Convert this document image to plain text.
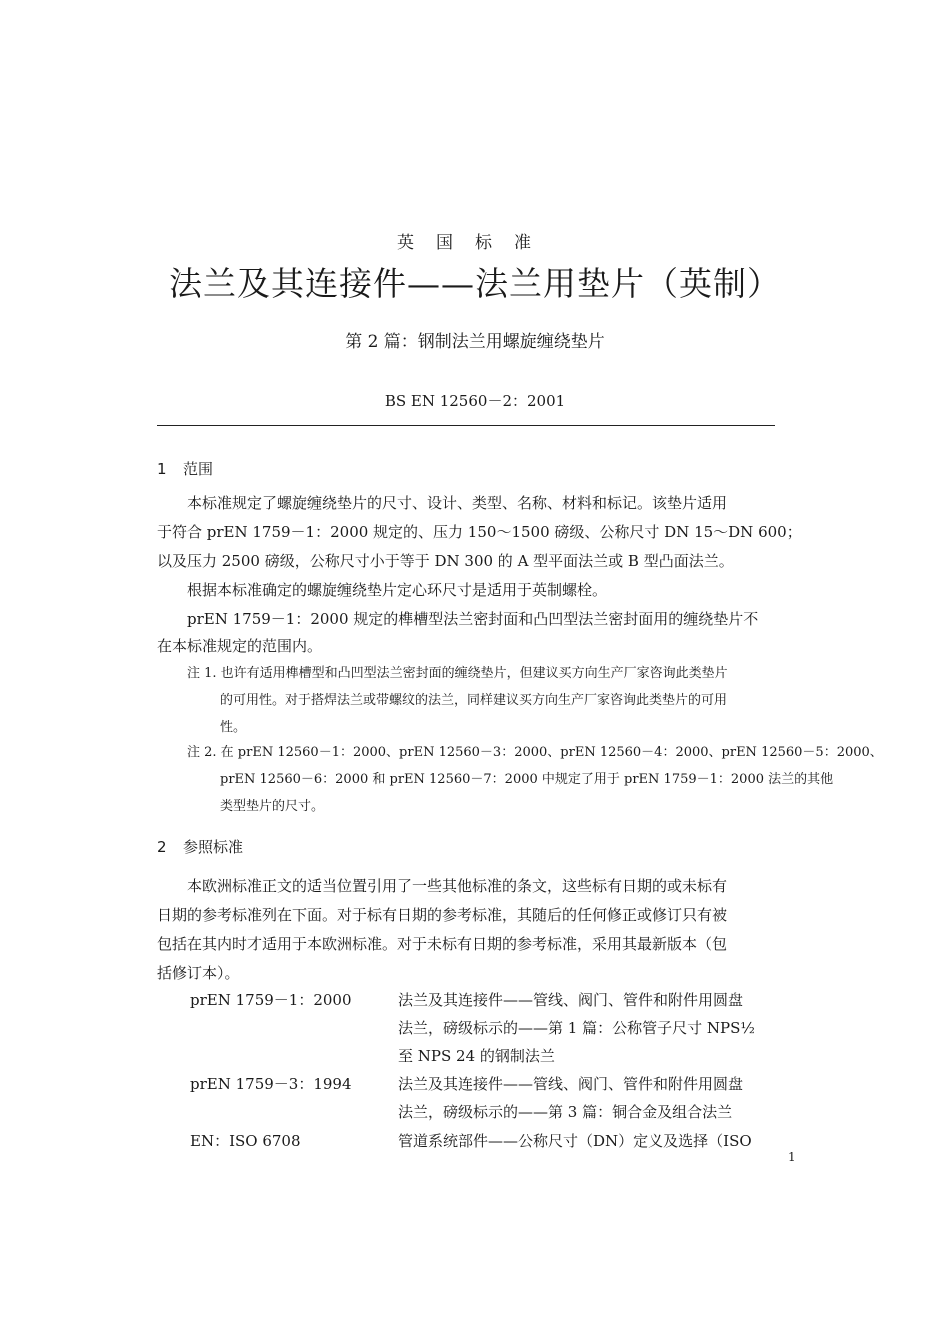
英国标准
法兰及其连接件——法兰用垫片（英制）
第 2 篇：钢制法兰用螺旋缠绕垫片
BS EN 12560－2：2001
1 范围
本标准规定了螺旋缠绕垫片的尺寸、设计、类型、名称、材料和标记。该垫片适用
于符合 prEN 1759－1：2000 规定的、压力 150～1500 磅级、公称尺寸 DN 15～DN 600；
以及压力 2500 磅级，公称尺寸小于等于 DN 300 的 A 型平面法兰或 B 型凸面法兰。
根据本标准确定的螺旋缠绕垫片定心环尺寸是适用于英制螺栓。
prEN 1759－1：2000 规定的榫槽型法兰密封面和凸凹型法兰密封面用的缠绕垫片不
在本标准规定的范围内。
注 1. 也许有适用榫槽型和凸凹型法兰密封面的缠绕垫片，但建议买方向生产厂家咨询此类垫片
的可用性。对于搭焊法兰或带螺纹的法兰，同样建议买方向生产厂家咨询此类垫片的可用
性。
注 2. 在 prEN 12560－1：2000、prEN 12560－3：2000、prEN 12560－4：2000、prEN 12560－5：2000、
prEN 12560－6：2000 和 prEN 12560－7：2000 中规定了用于 prEN 1759－1：2000 法兰的其他
类型垫片的尺寸。
2 参照标准
本欧洲标准正文的适当位置引用了一些其他标准的条文，这些标有日期的或未标有
日期的参考标准列在下面。对于标有日期的参考标准，其随后的任何修正或修订只有被
包括在其内时才适用于本欧洲标准。对于未标有日期的参考标准，采用其最新版本（包
括修订本）。
prEN 1759－1：2000	法兰及其连接件——管线、阀门、管件和附件用圆盘
法兰，磅级标示的——第 1 篇：公称管子尺寸 NPS½
至 NPS 24 的钢制法兰
prEN 1759－3：1994	法兰及其连接件——管线、阀门、管件和附件用圆盘
法兰，磅级标示的——第 3 篇：铜合金及组合法兰
EN：ISO 6708	管道系统部件——公称尺寸（DN）定义及选择（ISO
1
